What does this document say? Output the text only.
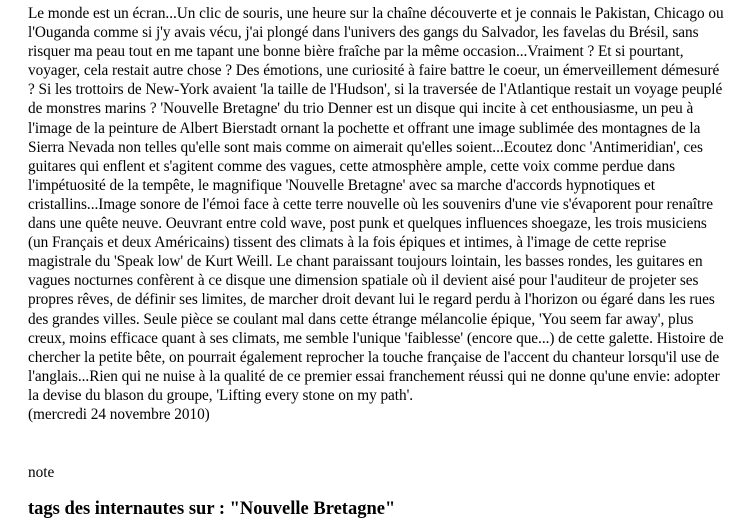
Le monde est un écran...Un clic de souris, une heure sur la chaîne découverte et je connais le Pakistan, Chicago ou l'Ouganda comme si j'y avais vécu, j'ai plongé dans l'univers des gangs du Salvador, les favelas du Brésil, sans risquer ma peau tout en me tapant une bonne bière fraîche par la même occasion...Vraiment ? Et si pourtant, voyager, cela restait autre chose ? Des émotions, une curiosité à faire battre le coeur, un émerveillement démesuré ? Si les trottoirs de New-York avaient 'la taille de l'Hudson', si la traversée de l'Atlantique restait un voyage peuplé de monstres marins ? 'Nouvelle Bretagne' du trio Denner est un disque qui incite à cet enthousiasme, un peu à l'image de la peinture de Albert Bierstadt ornant la pochette et offrant une image sublimée des montagnes de la Sierra Nevada non telles qu'elle sont mais comme on aimerait qu'elles soient...Ecoutez donc 'Antimeridian', ces guitares qui enflent et s'agitent comme des vagues, cette atmosphère ample, cette voix comme perdue dans l'impétuosité de la tempête, le magnifique 'Nouvelle Bretagne' avec sa marche d'accords hypnotiques et cristallins...Image sonore de l'émoi face à cette terre nouvelle où les souvenirs d'une vie s'évaporent pour renaître dans une quête neuve. Oeuvrant entre cold wave, post punk et quelques influences shoegaze, les trois musiciens (un Français et deux Américains) tissent des climats à la fois épiques et intimes, à l'image de cette reprise magistrale du 'Speak low' de Kurt Weill. Le chant paraissant toujours lointain, les basses rondes, les guitares en vagues nocturnes confèrent à ce disque une dimension spatiale où il devient aisé pour l'auditeur de projeter ses propres rêves, de définir ses limites, de marcher droit devant lui le regard perdu à l'horizon ou égaré dans les rues des grandes villes. Seule pièce se coulant mal dans cette étrange mélancolie épique, 'You seem far away', plus creux, moins efficace quant à ses climats, me semble l'unique 'faiblesse' (encore que...) de cette galette. Histoire de chercher la petite bête, on pourrait également reprocher la touche française de l'accent du chanteur lorsqu'il use de l'anglais...Rien qui ne nuise à la qualité de ce premier essai franchement réussi qui ne donne qu'une envie: adopter la devise du blason du groupe, 'Lifting every stone on my path'.
(mercredi 24 novembre 2010)

note

tags des internautes sur : "Nouvelle Bretagne"
